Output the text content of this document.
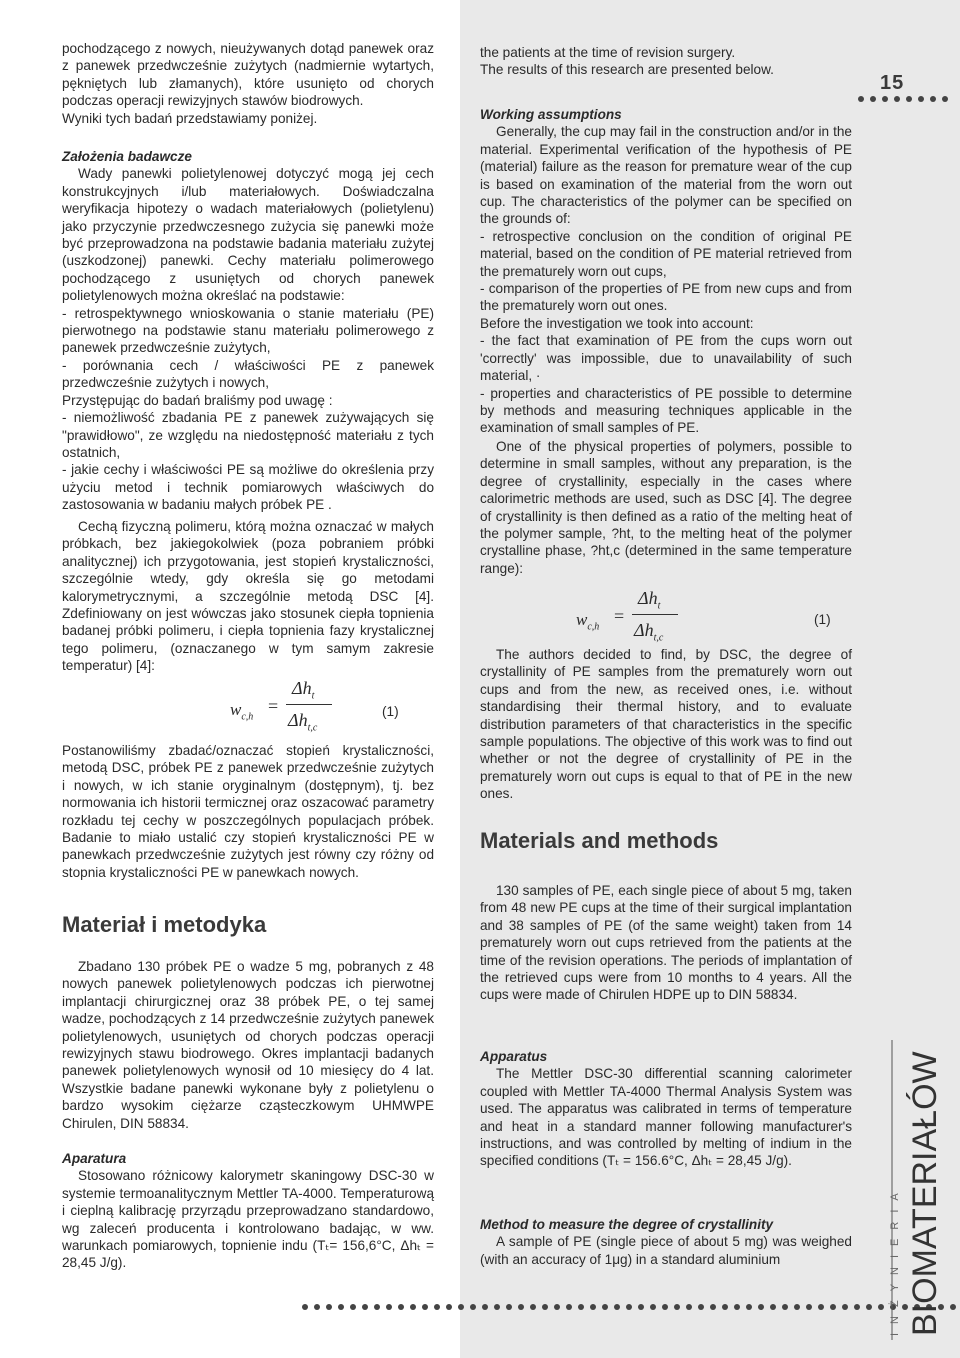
pochodzącego z nowych, nieużywanych dotąd panewek oraz z panewek przedwcześnie zużytych (nadmiernie wytartych, pękniętych lub złamanych), które usunięto od chorych podczas operacji rewizyjnych stawów biodrowych.
Wyniki tych badań przedstawiamy poniżej.

Założenia badawcze

Wady panewki polietylenowej dotyczyć mogą jej cech konstrukcyjnych i/lub materiałowych. Doświadczalna weryfikacja hipotezy o wadach materiałowych (polietylenu) jako przyczynie przedwczesnego zużycia się panewki może być przeprowadzona na podstawie badania materiału zużytej (uszkodzonej) panewki. Cechy materiału polimerowego pochodzącego z usuniętych od chorych panewek polietylenowych można określać na podstawie:
- retrospektywnego wnioskowania o stanie materiału (PE) pierwotnego na podstawie stanu materiału polimerowego z panewek przedwcześnie zużytych,
- porównania cech / właściwości PE z panewek przedwcześnie zużytych i nowych,
Przystępując do badań braliśmy pod uwagę :
- niemożliwość zbadania PE z panewek zużywających się "prawidłowo", ze względu na niedostępność materiału z tych ostatnich,
- jakie cechy i właściwości PE są możliwe do określenia przy użyciu metod i technik pomiarowych właściwych do zastosowania w badaniu małych próbek PE .

Cechą fizyczną polimeru, którą można oznaczać w małych próbkach, bez jakiegokolwiek (poza pobraniem próbki analitycznej) ich przygotowania, jest stopień krystaliczności, szczególnie wtedy, gdy określa się go metodami kalorymetrycznymi, a szczególnie metodą DSC [4]. Zdefiniowany on jest wówczas jako stosunek ciepła topnienia badanej próbki polimeru, i ciepła topnienia fazy krystalicznej tego polimeru, (oznaczanego w tym samym zakresie temperatur) [4]:

$w_{c,h}$
=
$\Delta h_t$
$\Delta h_{t,c}$
(1)

Postanowiliśmy zbadać/oznaczać stopień krystaliczności, metodą DSC, próbek PE z panewek przedwcześnie zużytych i nowych, w ich stanie oryginalnym (dostępnym), tj. bez normowania ich historii termicznej oraz oszacować parametry rozkładu tej cechy w poszczególnych populacjach próbek. Badanie to miało ustalić czy stopień krystaliczności PE w panewkach przedwcześnie zużytych jest równy czy różny od stopnia krystaliczności PE w panewkach nowych.

Materiał i metodyka

Zbadano 130 próbek PE o wadze 5 mg, pobranych z 48 nowych panewek polietylenowych podczas ich pierwotnej implantacji chirurgicznej oraz 38 próbek PE, o tej samej wadze, pochodzących z 14 przedwcześnie zużytych panewek polietylenowych, usuniętych od chorych podczas operacji rewizyjnych stawu biodrowego. Okres implantacji badanych panewek polietylenowych wynosił od 10 miesięcy do 4 lat. Wszystkie badane panewki wykonane były z polietylenu o bardzo wysokim ciężarze cząsteczkowym UHMWPE Chirulen, DIN 58834.

Aparatura

Stosowano różnicowy kalorymetr skaningowy DSC-30 w systemie termoanalitycznym Mettler TA-4000. Temperaturową i cieplną kalibrację przyrządu przeprowadzano standardowo, wg zaleceń producenta i kontrolowano badając, w ww. warunkach pomiarowych, topnienie indu (Tₜ= 156,6°C, Δhₜ = 28,45 J/g).

the patients at the time of revision surgery.
The results of this research are presented below.

Working assumptions

Generally, the cup may fail in the construction and/or in the material. Experimental verification of the hypothesis of PE (material) failure as the reason for premature wear of the cup is based on examination of the material from the worn out cup. The characteristics of the polymer can be specified on the grounds of:
- retrospective conclusion on the condition of original PE material, based on the condition of PE material retrieved from the prematurely worn out cups,
- comparison of the properties of PE from new cups and from the prematurely worn out ones.
Before the investigation we took into account:
- the fact that examination of PE from the cups worn out 'correctly' was impossible, due to unavailability of such material, ·
- properties and characteristics of PE possible to determine by methods and measuring techniques applicable in the examination of small samples of PE.

One of the physical properties of polymers, possible to determine in small samples, without any preparation, is the degree of crystallinity, especially in the cases where calorimetric methods are used, such as DSC [4]. The degree of crystallinity is then defined as a ratio of the melting heat of the polymer sample, ?ht, to the melting heat of the polymer crystalline phase, ?ht,c (determined in the same temperature range):

$w_{c,h}$
=
$\Delta h_t$
$\Delta h_{t,c}$
(1)

The authors decided to find, by DSC, the degree of crystallinity of PE samples from the prematurely worn out cups and from the new, as received ones, i.e. without standardising their thermal history, and to evaluate distribution parameters of that characteristics in the specific sample populations. The objective of this work was to find out whether or not the degree of crystallinity of PE in the prematurely worn out cups is equal to that of PE in the new ones.

Materials and methods

130 samples of PE, each single piece of about 5 mg, taken from 48 new PE cups at the time of their surgical implantation and 38 samples of PE (of the same weight) taken from 14 prematurely worn out cups retrieved from the patients at the time of the revision operations. The periods of implantation of the retrieved cups were from 10 months to 4 years. All the cups were made of Chirulen HDPE up to DIN 58834.

Apparatus

The Mettler DSC-30 differential scanning calorimeter coupled with Mettler TA-4000 Thermal Analysis System was used. The apparatus was calibrated in terms of temperature and heat in a standard manner following manufacturer's instructions, and was controlled by melting of indium in the specified conditions (Tₜ = 156.6°C, Δhₜ = 28,45 J/g).

Method to measure the degree of crystallinity

A sample of PE (single piece of about 5 mg) was weighed (with an accuracy of 1μg) in a standard aluminium

15
INŻYNIERIA BIOMATERIAŁÓW
